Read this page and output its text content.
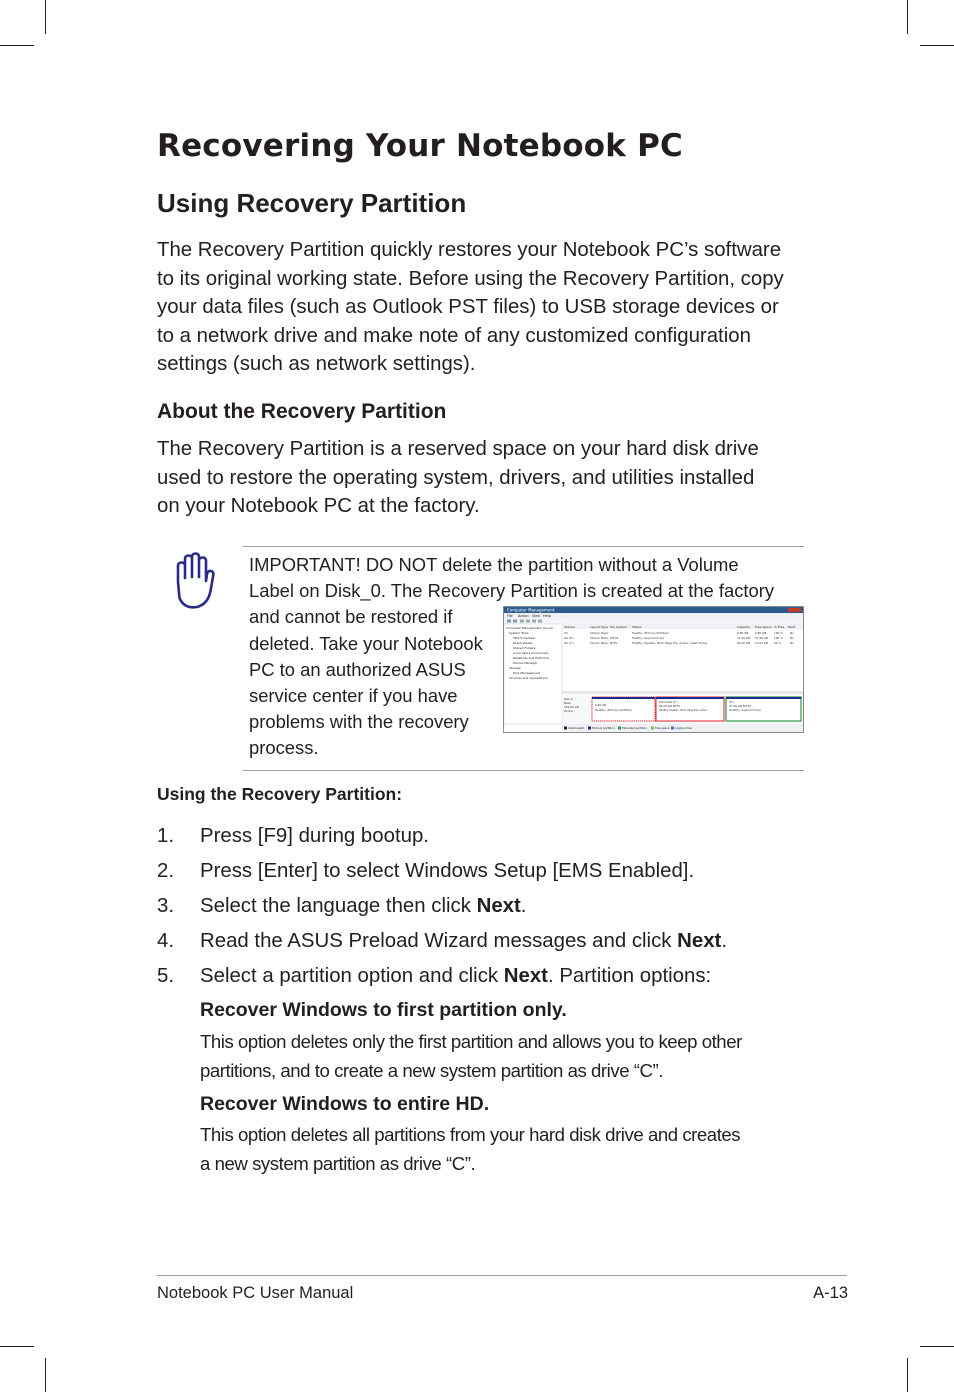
Recovering Your Notebook PC
Using Recovery Partition

The Recovery Partition quickly restores your Notebook PC’s software
to its original working state. Before using the Recovery Partition, copy
your data files (such as Outlook PST files) to USB storage devices or
to a network drive and make note of any customized configuration
settings (such as network settings).

About the Recovery Partition

The Recovery Partition is a reserved space on your hard disk drive
used to restore the operating system, drivers, and utilities installed
on your Notebook PC at the factory.

IMPORTANT! DO NOT delete the partition without a Volume
Label on Disk_0. The Recovery Partition is created at the factory
and cannot be restored if
deleted. Take your Notebook
PC to an authorized ASUS
service center if you have
problems with the recovery
process.

Computer Management
File Action View Help
Computer Management (Local)
System Tools
Task Scheduler
Event Viewer
Shared Folders
Local Users and Groups
Reliability and Performa
Device Manager
Storage
Disk Management
Services and Applications
Volume	Layout Type File System Status	Capacity Free Space % Free Fault
(0)	Simple Basic	Healthy (Primary Partition)	6.80 GB 6.80 GB	100 %	No
DA (D:)	Simple Basic FAT32	Healthy (Logical Drive)	37.00 GB 37.00 GB 100 %	No
OS (C:)	Simple Basic NTFS	Healthy (System, Boot, Page File, Active, Crash Dump,	84.00 GB 13.03 GB 90 %	No
Disk 0
Basic
149.05 GB
Online
6.80 GB
Healthy (Primary Partition)
Window8 (C:)
84.00 GB NTFS
Healthy (System, Boot, Page File, Active,
(D:)
37.00 GB FAT32
Healthy (Logical Drive)
Unallocated	Primary partition	Extended partition	Free space Logical drive
Using the Recovery Partition:
1. Press [F9] during bootup.
2. Press [Enter] to select Windows Setup [EMS Enabled].
3. Select the language then click Next.
4. Read the ASUS Preload Wizard messages and click Next.
5. Select a partition option and click Next. Partition options:
Recover Windows to first partition only.

This option deletes only the first partition and allows you to keep other
partitions, and to create a new system partition as drive “C”.

Recover Windows to entire HD.

This option deletes all partitions from your hard disk drive and creates
a new system partition as drive “C”.

Notebook PC User Manual	A-13
